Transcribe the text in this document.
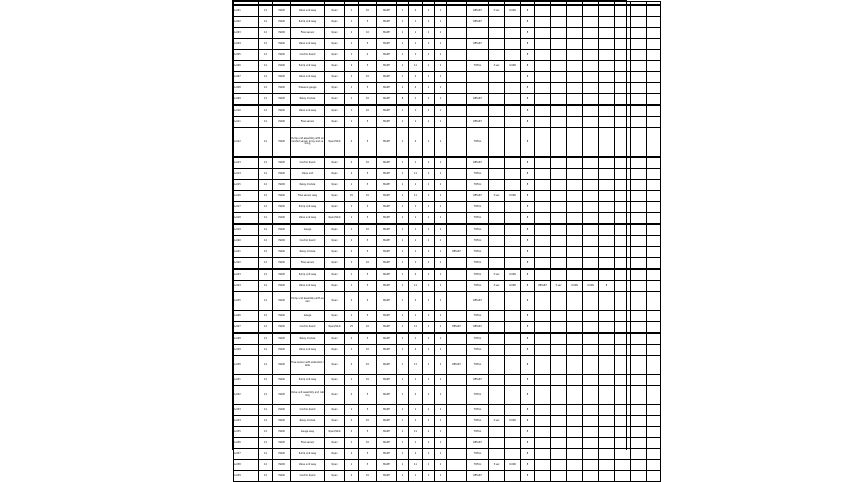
A-001	12	MAIN	Valve unit assy	Open	1	10	MANT	1	4	1	1		RESULT	3 sec	0.006	8								
A-002	12	MAIN	Pump unit assy	Open	1	5	MANT	1	1	1	1		RESULT			8								
A-003	12	MAIN	Flow sensor	Open	2	10	MANT	1	1	1	1					8								
A-004	12	MAIN	Valve unit assy	Open	1	5	MANT	1	1	1	1		RESULT			8								
A-005	12	MAIN	Control board	Open	1	4	MANT	1	1	1	1					8								
A-006	12	MAIN	Pump unit assy	Open	2	5	MANT	1	11	1	1		TOTAL	3 sec	0.006	8								
A-007	12	MAIN	Valve unit assy	Open	1	10	MANT	1	2	1	1					8								
A-008	12	MAIN	Pressure gauge	Open	1	5	MANT	1	4	1	1					8								
A-009	12	MAIN	Relay module	Open	1	10	MANT	8	1	1	1		RESULT			8								
A-010	12	MAIN	Valve unit assy	Open	1	10	MANT	1	1	1	1					8								
A-011	12	MAIN	Flow sensor	Open	1	5	MANT	1	1	1	1		RESULT			8								
A-012	12	MAIN	Pump unit assembly with extended sensor array and cabling	Open/Shut	2	5	MANT	1	4	1	1		TOTAL			8								
A-013	12	MAIN	Control board	Open	2	10	MANT	1	1	1	1		RESULT			8								
A-014	12	MAIN	Valve unit	Open	2	5	MANT	1	11	1	1		TOTAL			8								
A-015	12	MAIN	Relay module	Open	1	5	MANT	1	1	1	1		TOTAL			8								
A-016	12	MAIN	Flow sensor assy	Open	25	10	MANT	1	11	1	1		RESULT	3 sec	0.006	8								
A-017	12	MAIN	Pump unit assy	Open	1	5	MANT	1	1	1	1		TOTAL			8								
A-018	12	MAIN	Valve unit assy	Open/Shut	1	5	MANT	1	1	1	1		TOTAL			8								
A-019	12	MAIN	Gauge	Open	1	10	MANT	1	1	1	1		TOTAL			8								
A-020	12	MAIN	Control board	Open	2	5	MANT	1	1	1	1		TOTAL			8								
A-021	12	MAIN	Relay module	Open	2	5	MANT	1	1	1	1	RESULT	TOTAL			8								
A-022	12	MAIN	Flow sensor	Open	1	10	MANT	1	1	1	1		TOTAL			8								
A-023	12	MAIN	Pump unit assy	Open	1	5	MANT	1	4	1	1		TOTAL	3 sec	0.006	8								
A-024	12	MAIN	Valve unit assy	Open	1	5	MANT	1	11	1	1		TOTAL	3 sec	0.006	8	RESULT	3 sec	0.006	0.006	8			
A-025	12	MAIN	Pump unit assembly with sensor	Open	2	5	MANT	1	2	1	1		RESULT			8								
A-026	12	MAIN	Gauge	Open	1	5	MANT	1	1	1	1		TOTAL			8								
A-027	12	MAIN	Control board	Open/Shut	25	10	MANT	1	11	1	1	RESULT	RESULT			8								
A-028	12	MAIN	Relay module	Open	2	5	MANT	1	1	1	1		TOTAL			8								
A-029	12	MAIN	Valve unit assy	Open	1	10	MANT	1	4	1	1		TOTAL			8								
A-030	12	MAIN	Flow sensor with extended cable	Open	2	10	MANT	1	11	1	1	RESULT	TOTAL			8								
A-031	12	MAIN	Pump unit assy	Open	1	10	MANT	1	1	1	1		RESULT			8								
A-032	12	MAIN	Valve unit assembly and cabling	Open	2	5	MANT	1	2	1	1		TOTAL			8								
A-033	12	MAIN	Control board	Open	1	5	MANT	1	1	1	1		TOTAL			8								
A-034	12	MAIN	Relay module	Open	2	10	MANT	1	1	1	1		TOTAL	3 sec	0.006	8								
A-035	12	MAIN	Gauge assy	Open/Shut	2	5	MANT	1	11	1	1		TOTAL			8								
A-036	12	MAIN	Flow sensor	Open	1	10	MANT	1	1	1	1		RESULT			8								
A-037	12	MAIN	Pump unit assy	Open	2	5	MANT	1	2	1	1		TOTAL			8								
A-038	12	MAIN	Valve unit assy	Open	1	5	MANT	1	11	1	1		TOTAL	3 sec	0.006	8								
A-039	12	MAIN	Control board	Open	2	10	MANT	1	1	1	1		RESULT			8								
